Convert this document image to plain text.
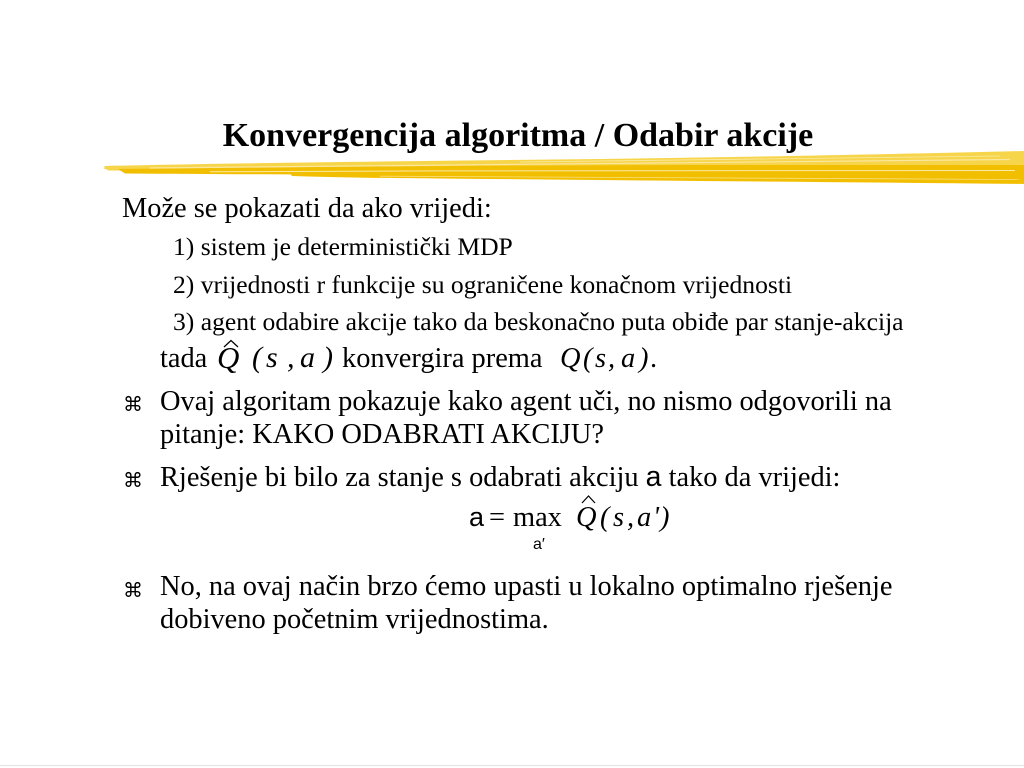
Konvergencija algoritma / Odabir akcije
Može se pokazati da ako vrijedi:
1) sistem je deterministički MDP
2) vrijednosti r funkcije su ograničene konačnom vrijednosti
3) agent odabire akcije tako da beskonačno puta obiđe par stanje-akcija
tada Q ( s , a ) konvergira prema Q ( s , a ) .
⌘ Ovaj algoritam pokazuje kako agent uči, no nismo odgovorili na
pitanje: KAKO ODABRATI AKCIJU?
⌘ Rješenje bi bilo za stanje s odabrati akciju a tako da vrijedi:
a = max
a′
Q ( s , a ' )
⌘ No, na ovaj način brzo ćemo upasti u lokalno optimalno rješenje
dobiveno početnim vrijednostima.
